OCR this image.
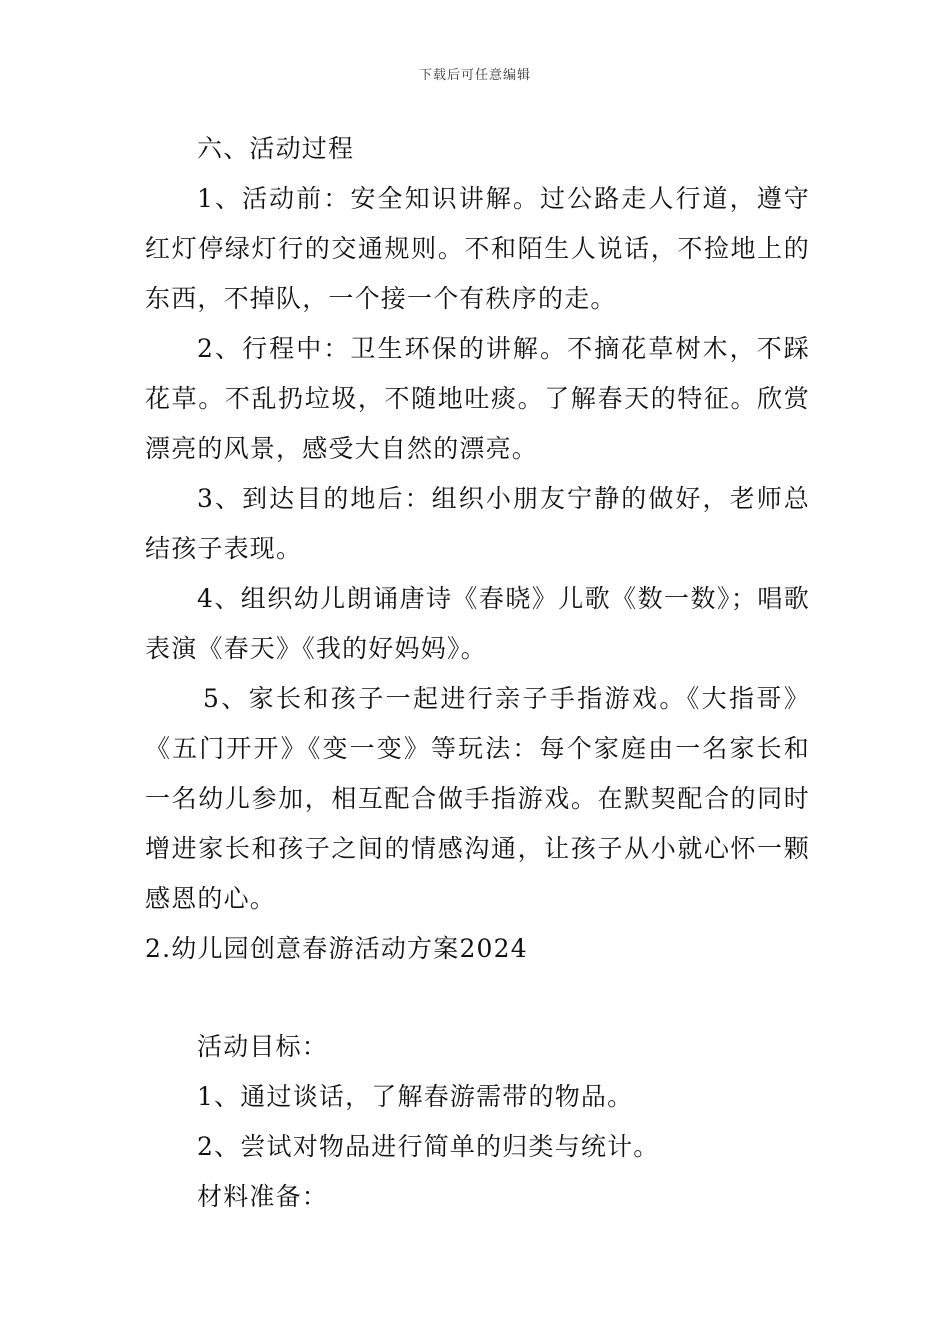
下载后可任意编辑

六、活动过程

1、活动前：安全知识讲解。过公路走人行道，遵守红灯停绿灯行的交通规则。不和陌生人说话，不捡地上的东西，不掉队，一个接一个有秩序的走。

2、行程中：卫生环保的讲解。不摘花草树木，不踩花草。不乱扔垃圾，不随地吐痰。了解春天的特征。欣赏漂亮的风景，感受大自然的漂亮。

3、到达目的地后：组织小朋友宁静的做好，老师总结孩子表现。

4、组织幼儿朗诵唐诗《春晓》儿歌《数一数》；唱歌表演《春天》《我的好妈妈》。

5、家长和孩子一起进行亲子手指游戏。《大指哥》《五门开开》《变一变》等玩法：每个家庭由一名家长和一名幼儿参加，相互配合做手指游戏。在默契配合的同时增进家长和孩子之间的情感沟通，让孩子从小就心怀一颗感恩的心。

2.幼儿园创意春游活动方案2024

活动目标：

1、通过谈话，了解春游需带的物品。

2、尝试对物品进行简单的归类与统计。

材料准备：
